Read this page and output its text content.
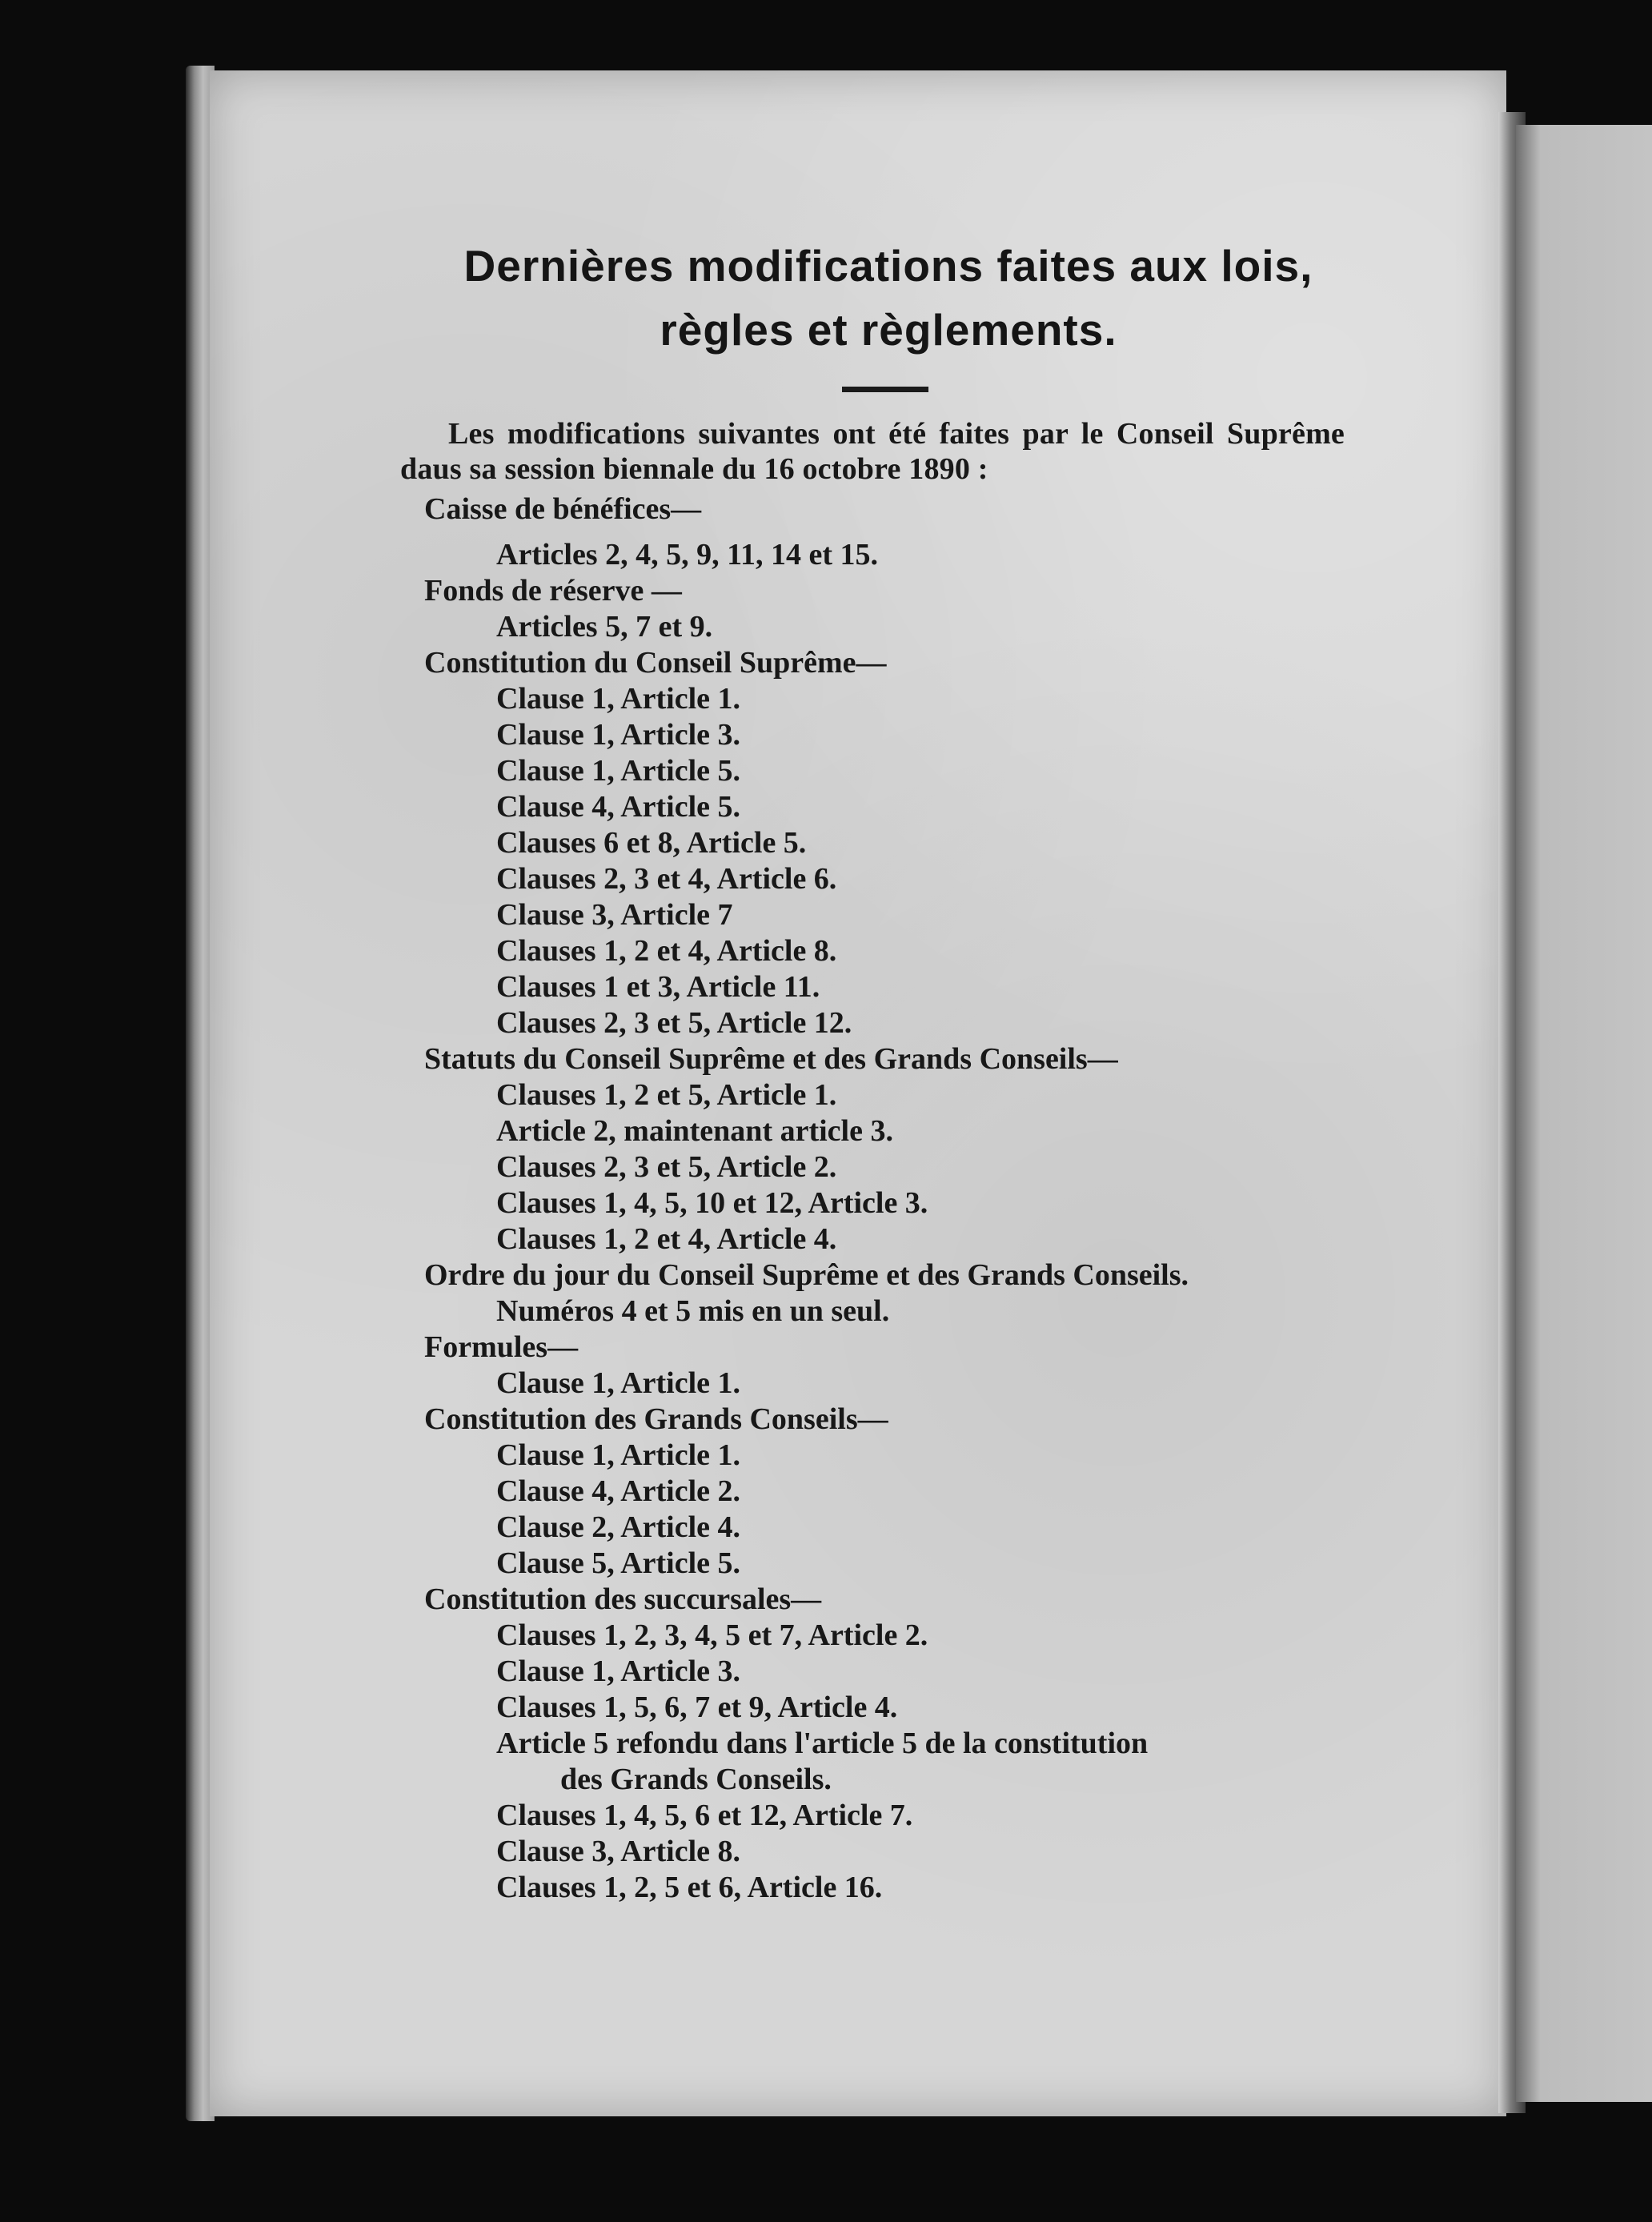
Dernières modifications faites aux lois,
règles et règlements.

Les modifications suivantes ont été faites par le Conseil Suprême daus sa session biennale du 16 octobre 1890 :

Caisse de bénéfices—
Articles 2, 4, 5, 9, 11, 14 et 15.
Fonds de réserve —
Articles 5, 7 et 9.
Constitution du Conseil Suprême—
Clause 1, Article 1.
Clause 1, Article 3.
Clause 1, Article 5.
Clause 4, Article 5.
Clauses 6 et 8, Article 5.
Clauses 2, 3 et 4, Article 6.
Clause 3, Article 7
Clauses 1, 2 et 4, Article 8.
Clauses 1 et 3, Article 11.
Clauses 2, 3 et 5, Article 12.
Statuts du Conseil Suprême et des Grands Conseils—
Clauses 1, 2 et 5, Article 1.
Article 2, maintenant article 3.
Clauses 2, 3 et 5, Article 2.
Clauses 1, 4, 5, 10 et 12, Article 3.
Clauses 1, 2 et 4, Article 4.
Ordre du jour du Conseil Suprême et des Grands Conseils.
Numéros 4 et 5 mis en un seul.
Formules—
Clause 1, Article 1.
Constitution des Grands Conseils—
Clause 1, Article 1.
Clause 4, Article 2.
Clause 2, Article 4.
Clause 5, Article 5.
Constitution des succursales—
Clauses 1, 2, 3, 4, 5 et 7, Article 2.
Clause 1, Article 3.
Clauses 1, 5, 6, 7 et 9, Article 4.
Article 5 refondu dans l'article 5 de la constitution
des Grands Conseils.
Clauses 1, 4, 5, 6 et 12, Article 7.
Clause 3, Article 8.
Clauses 1, 2, 5 et 6, Article 16.
